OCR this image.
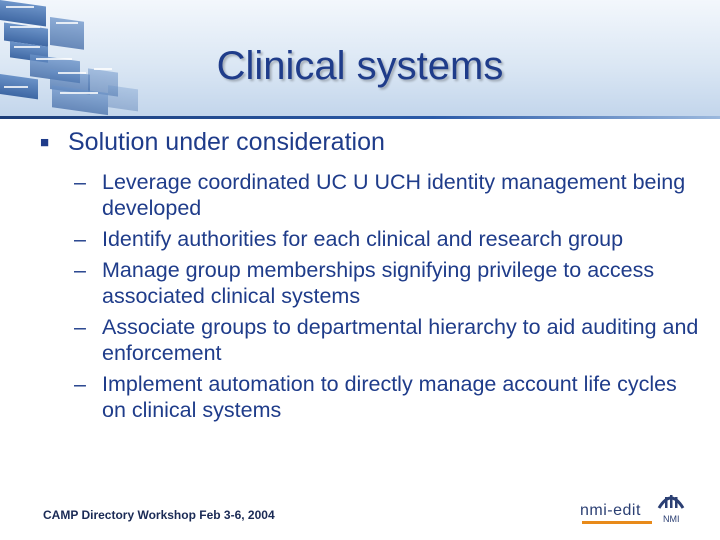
Clinical systems
■ Solution under consideration
– Leverage coordinated UC U UCH identity management being developed
– Identify authorities for each clinical and research group
– Manage group memberships signifying privilege to access associated clinical systems
– Associate groups to departmental hierarchy to aid auditing and enforcement
– Implement automation to directly manage account life cycles on clinical systems
CAMP Directory Workshop Feb 3-6, 2004	nmi-edit NMI
